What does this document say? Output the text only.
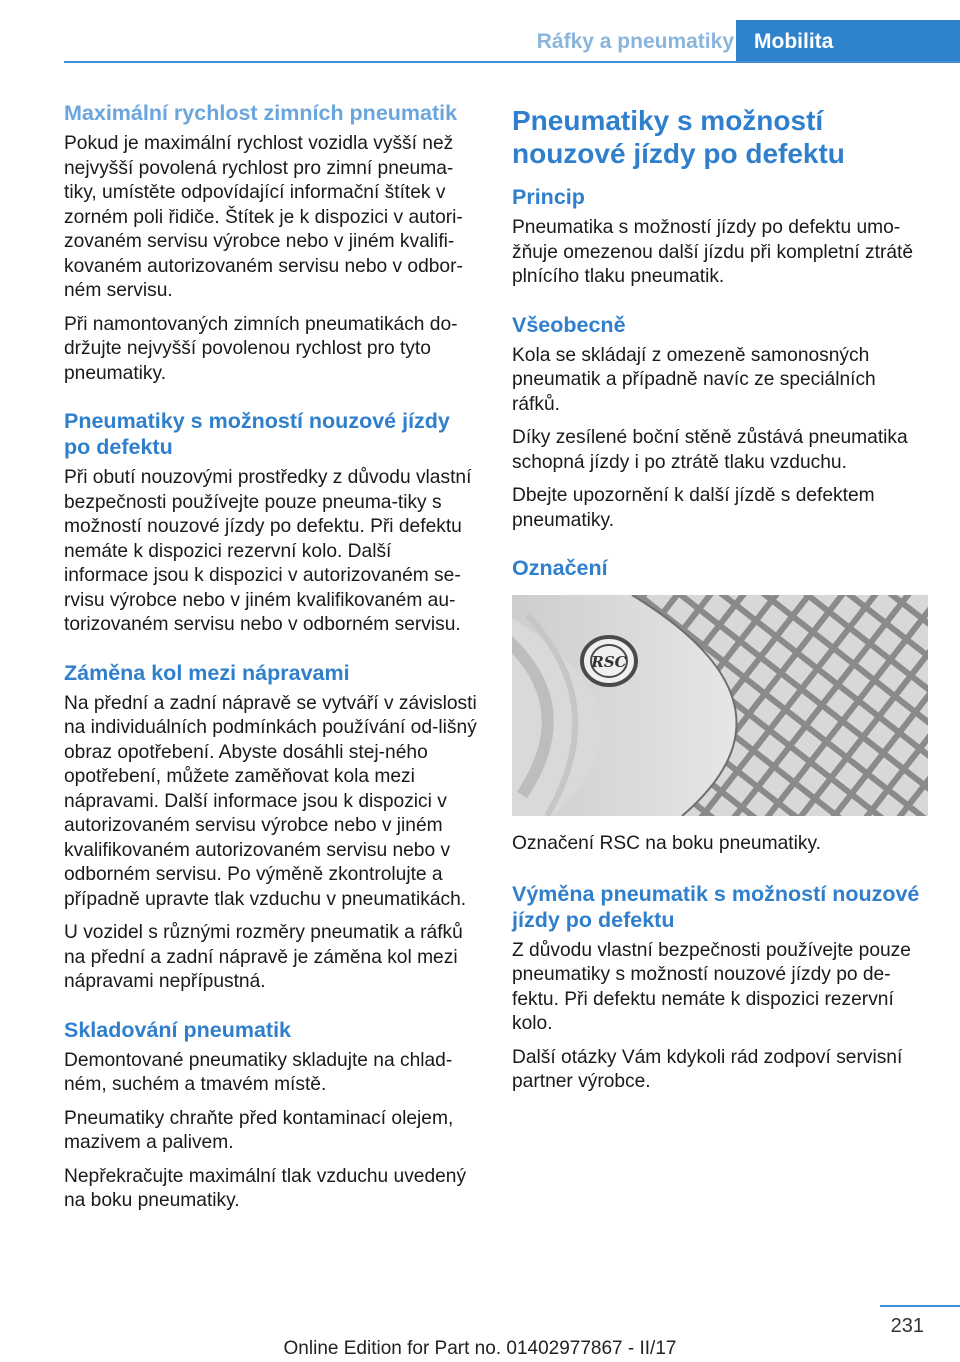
Ráfky a pneumatiky Mobilita
Maximální rychlost zimních pneumatik

Pokud je maximální rychlost vozidla vyšší než nejvyšší povolená rychlost pro zimní pneuma-tiky, umístěte odpovídající informační štítek v zorném poli řidiče. Štítek je k dispozici v autori-zovaném servisu výrobce nebo v jiném kvalifi-kovaném autorizovaném servisu nebo v odbor-ném servisu.

Při namontovaných zimních pneumatikách do-držujte nejvyšší povolenou rychlost pro tyto pneumatiky.

Pneumatiky s možností nouzové jízdy po defektu

Při obutí nouzovými prostředky z důvodu vlastní bezpečnosti používejte pouze pneuma-tiky s možností nouzové jízdy po defektu. Při defektu nemáte k dispozici rezervní kolo. Další informace jsou k dispozici v autorizovaném se-rvisu výrobce nebo v jiném kvalifikovaném au-torizovaném servisu nebo v odborném servisu.

Záměna kol mezi nápravami

Na přední a zadní nápravě se vytváří v závislosti na individuálních podmínkách používání od-lišný obraz opotřebení. Abyste dosáhli stej-ného opotřebení, můžete zaměňovat kola mezi nápravami. Další informace jsou k dispozici v autorizovaném servisu výrobce nebo v jiném kvalifikovaném autorizovaném servisu nebo v odborném servisu. Po výměně zkontrolujte a případně upravte tlak vzduchu v pneumatikách.

U vozidel s různými rozměry pneumatik a ráfků na přední a zadní nápravě je záměna kol mezi nápravami nepřípustná.

Skladování pneumatik

Demontované pneumatiky skladujte na chlad-ném, suchém a tmavém místě.

Pneumatiky chraňte před kontaminací olejem, mazivem a palivem.

Nepřekračujte maximální tlak vzduchu uvedený na boku pneumatiky.

Pneumatiky s možností nouzové jízdy po defektu
Princip

Pneumatika s možností jízdy po defektu umo-žňuje omezenou další jízdu při kompletní ztrátě plnícího tlaku pneumatik.

Všeobecně

Kola se skládají z omezeně samonosných pneumatik a případně navíc ze speciálních ráfků.

Díky zesílené boční stěně zůstává pneumatika schopná jízdy i po ztrátě tlaku vzduchu.

Dbejte upozornění k další jízdě s defektem pneumatiky.

Označení
RSC

Označení RSC na boku pneumatiky.

Výměna pneumatik s možností nouzové jízdy po defektu

Z důvodu vlastní bezpečnosti používejte pouze pneumatiky s možností nouzové jízdy po de-fektu. Při defektu nemáte k dispozici rezervní kolo.

Další otázky Vám kdykoli rád zodpoví servisní partner výrobce.

231
Online Edition for Part no. 01402977867 - II/17
